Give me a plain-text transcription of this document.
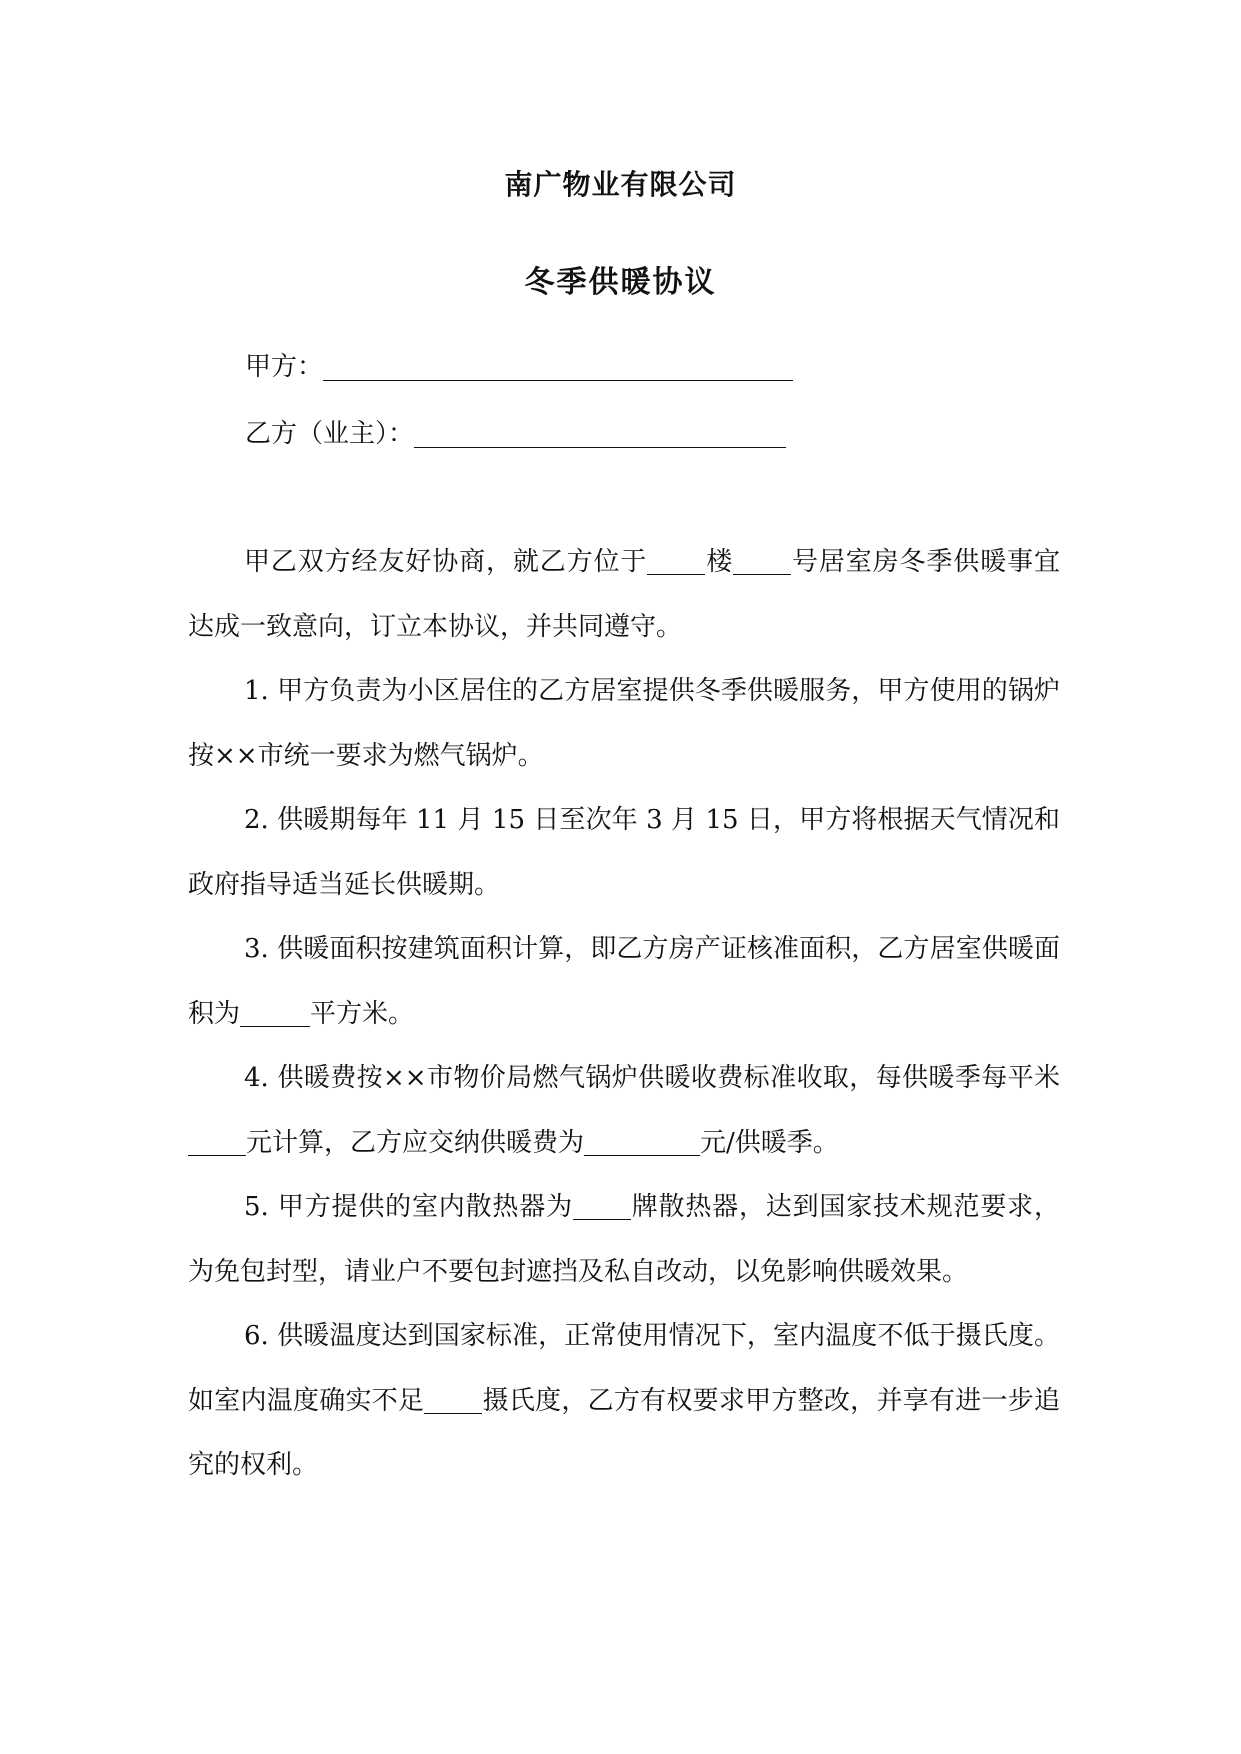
南广物业有限公司
冬季供暖协议
甲方：
乙方（业主）：

甲乙双方经友好协商，就乙方位于 楼 号居室房冬季供暖事宜达成一致意向，订立本协议，并共同遵守。

1. 甲方负责为小区居住的乙方居室提供冬季供暖服务，甲方使用的锅炉按××市统一要求为燃气锅炉。

2. 供暖期每年 11 月 15 日至次年 3 月 15 日，甲方将根据天气情况和政府指导适当延长供暖期。

3. 供暖面积按建筑面积计算，即乙方房产证核准面积，乙方居室供暖面积为	平方米。

4. 供暖费按××市物价局燃气锅炉供暖收费标准收取，每供暖季每平米元计算，乙方应交纳供暖费为	元/供暖季。

5. 甲方提供的室内散热器为 牌散热器，达到国家技术规范要求，为免包封型，请业户不要包封遮挡及私自改动，以免影响供暖效果。

6. 供暖温度达到国家标准，正常使用情况下，室内温度不低于摄氏度。如室内温度确实不足 摄氏度，乙方有权要求甲方整改，并享有进一步追究的权利。
